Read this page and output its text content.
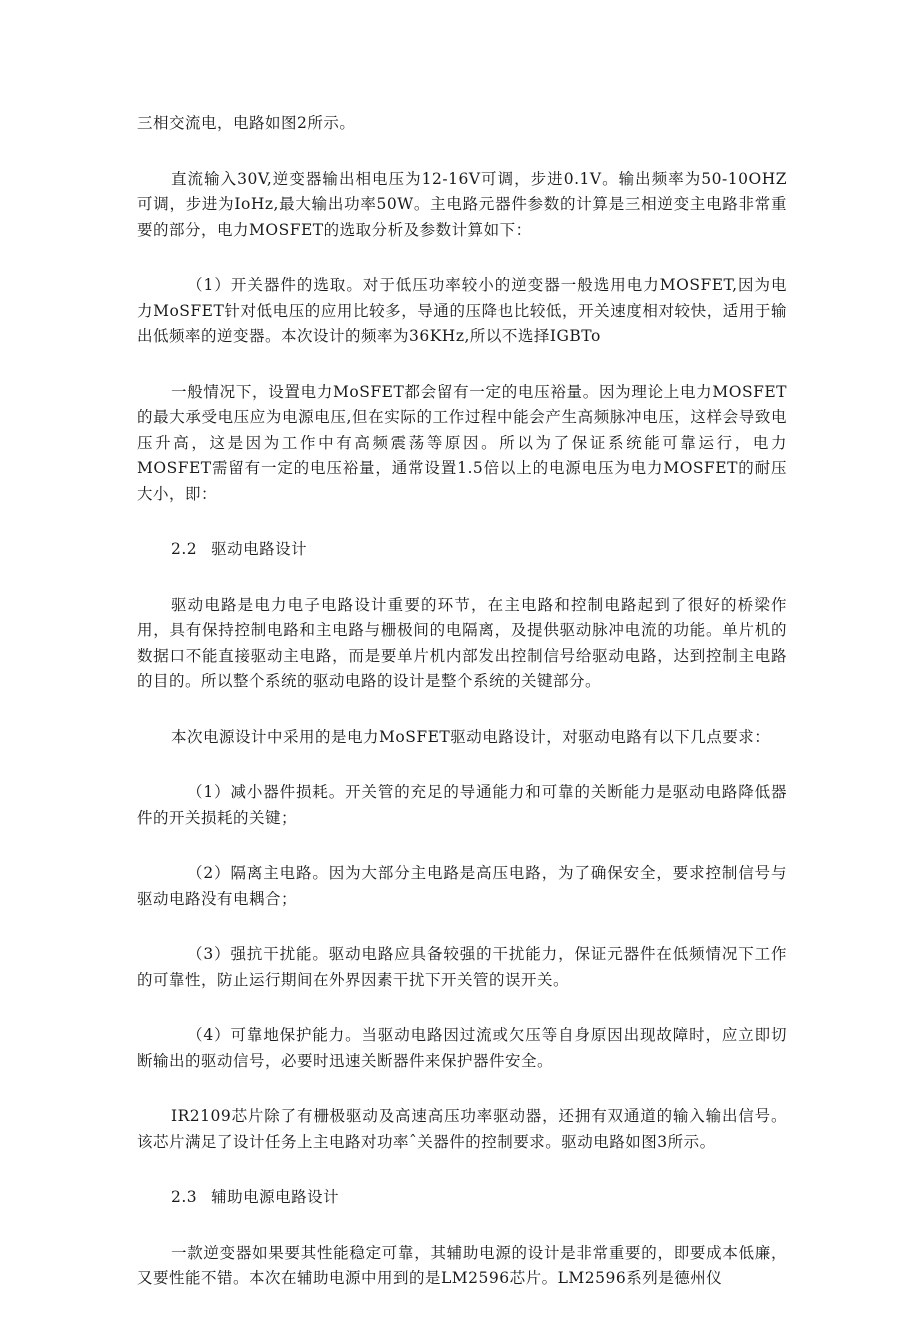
三相交流电，电路如图2所示。

直流输入30V,逆变器输出相电压为12-16V可调，步进0.1V。输出频率为50-10OHZ可调，步进为IoHz,最大输出功率50W。主电路元器件参数的计算是三相逆变主电路非常重要的部分，电力MOSFET的选取分析及参数计算如下：

（1）开关器件的选取。对于低压功率较小的逆变器一般选用电力MOSFET,因为电力MoSFET针对低电压的应用比较多，导通的压降也比较低，开关速度相对较快，适用于输出低频率的逆变器。本次设计的频率为36KHz,所以不选择IGBTo

一般情况下，设置电力MoSFET都会留有一定的电压裕量。因为理论上电力MOSFET的最大承受电压应为电源电压,但在实际的工作过程中能会产生高频脉冲电压，这样会导致电压升高，这是因为工作中有高频震荡等原因。所以为了保证系统能可靠运行，电力MOSFET需留有一定的电压裕量，通常设置1.5倍以上的电源电压为电力MOSFET的耐压大小，即：

2.2 驱动电路设计

驱动电路是电力电子电路设计重要的环节，在主电路和控制电路起到了很好的桥梁作用，具有保持控制电路和主电路与栅极间的电隔离，及提供驱动脉冲电流的功能。单片机的数据口不能直接驱动主电路，而是要单片机内部发出控制信号给驱动电路，达到控制主电路的目的。所以整个系统的驱动电路的设计是整个系统的关键部分。

本次电源设计中采用的是电力MoSFET驱动电路设计，对驱动电路有以下几点要求：

（1）减小器件损耗。开关管的充足的导通能力和可靠的关断能力是驱动电路降低器件的开关损耗的关键；

（2）隔离主电路。因为大部分主电路是高压电路，为了确保安全，要求控制信号与驱动电路没有电耦合；

（3）强抗干扰能。驱动电路应具备较强的干扰能力，保证元器件在低频情况下工作的可靠性，防止运行期间在外界因素干扰下开关管的误开关。

（4）可靠地保护能力。当驱动电路因过流或欠压等自身原因出现故障时，应立即切断输出的驱动信号，必要时迅速关断器件来保护器件安全。

IR2109芯片除了有栅极驱动及高速高压功率驱动器，还拥有双通道的输入输出信号。该芯片满足了设计任务上主电路对功率ˆ关器件的控制要求。驱动电路如图3所示。

2.3 辅助电源电路设计

一款逆变器如果要其性能稳定可靠，其辅助电源的设计是非常重要的，即要成本低廉，又要性能不错。本次在辅助电源中用到的是LM2596芯片。LM2596系列是德州仪
